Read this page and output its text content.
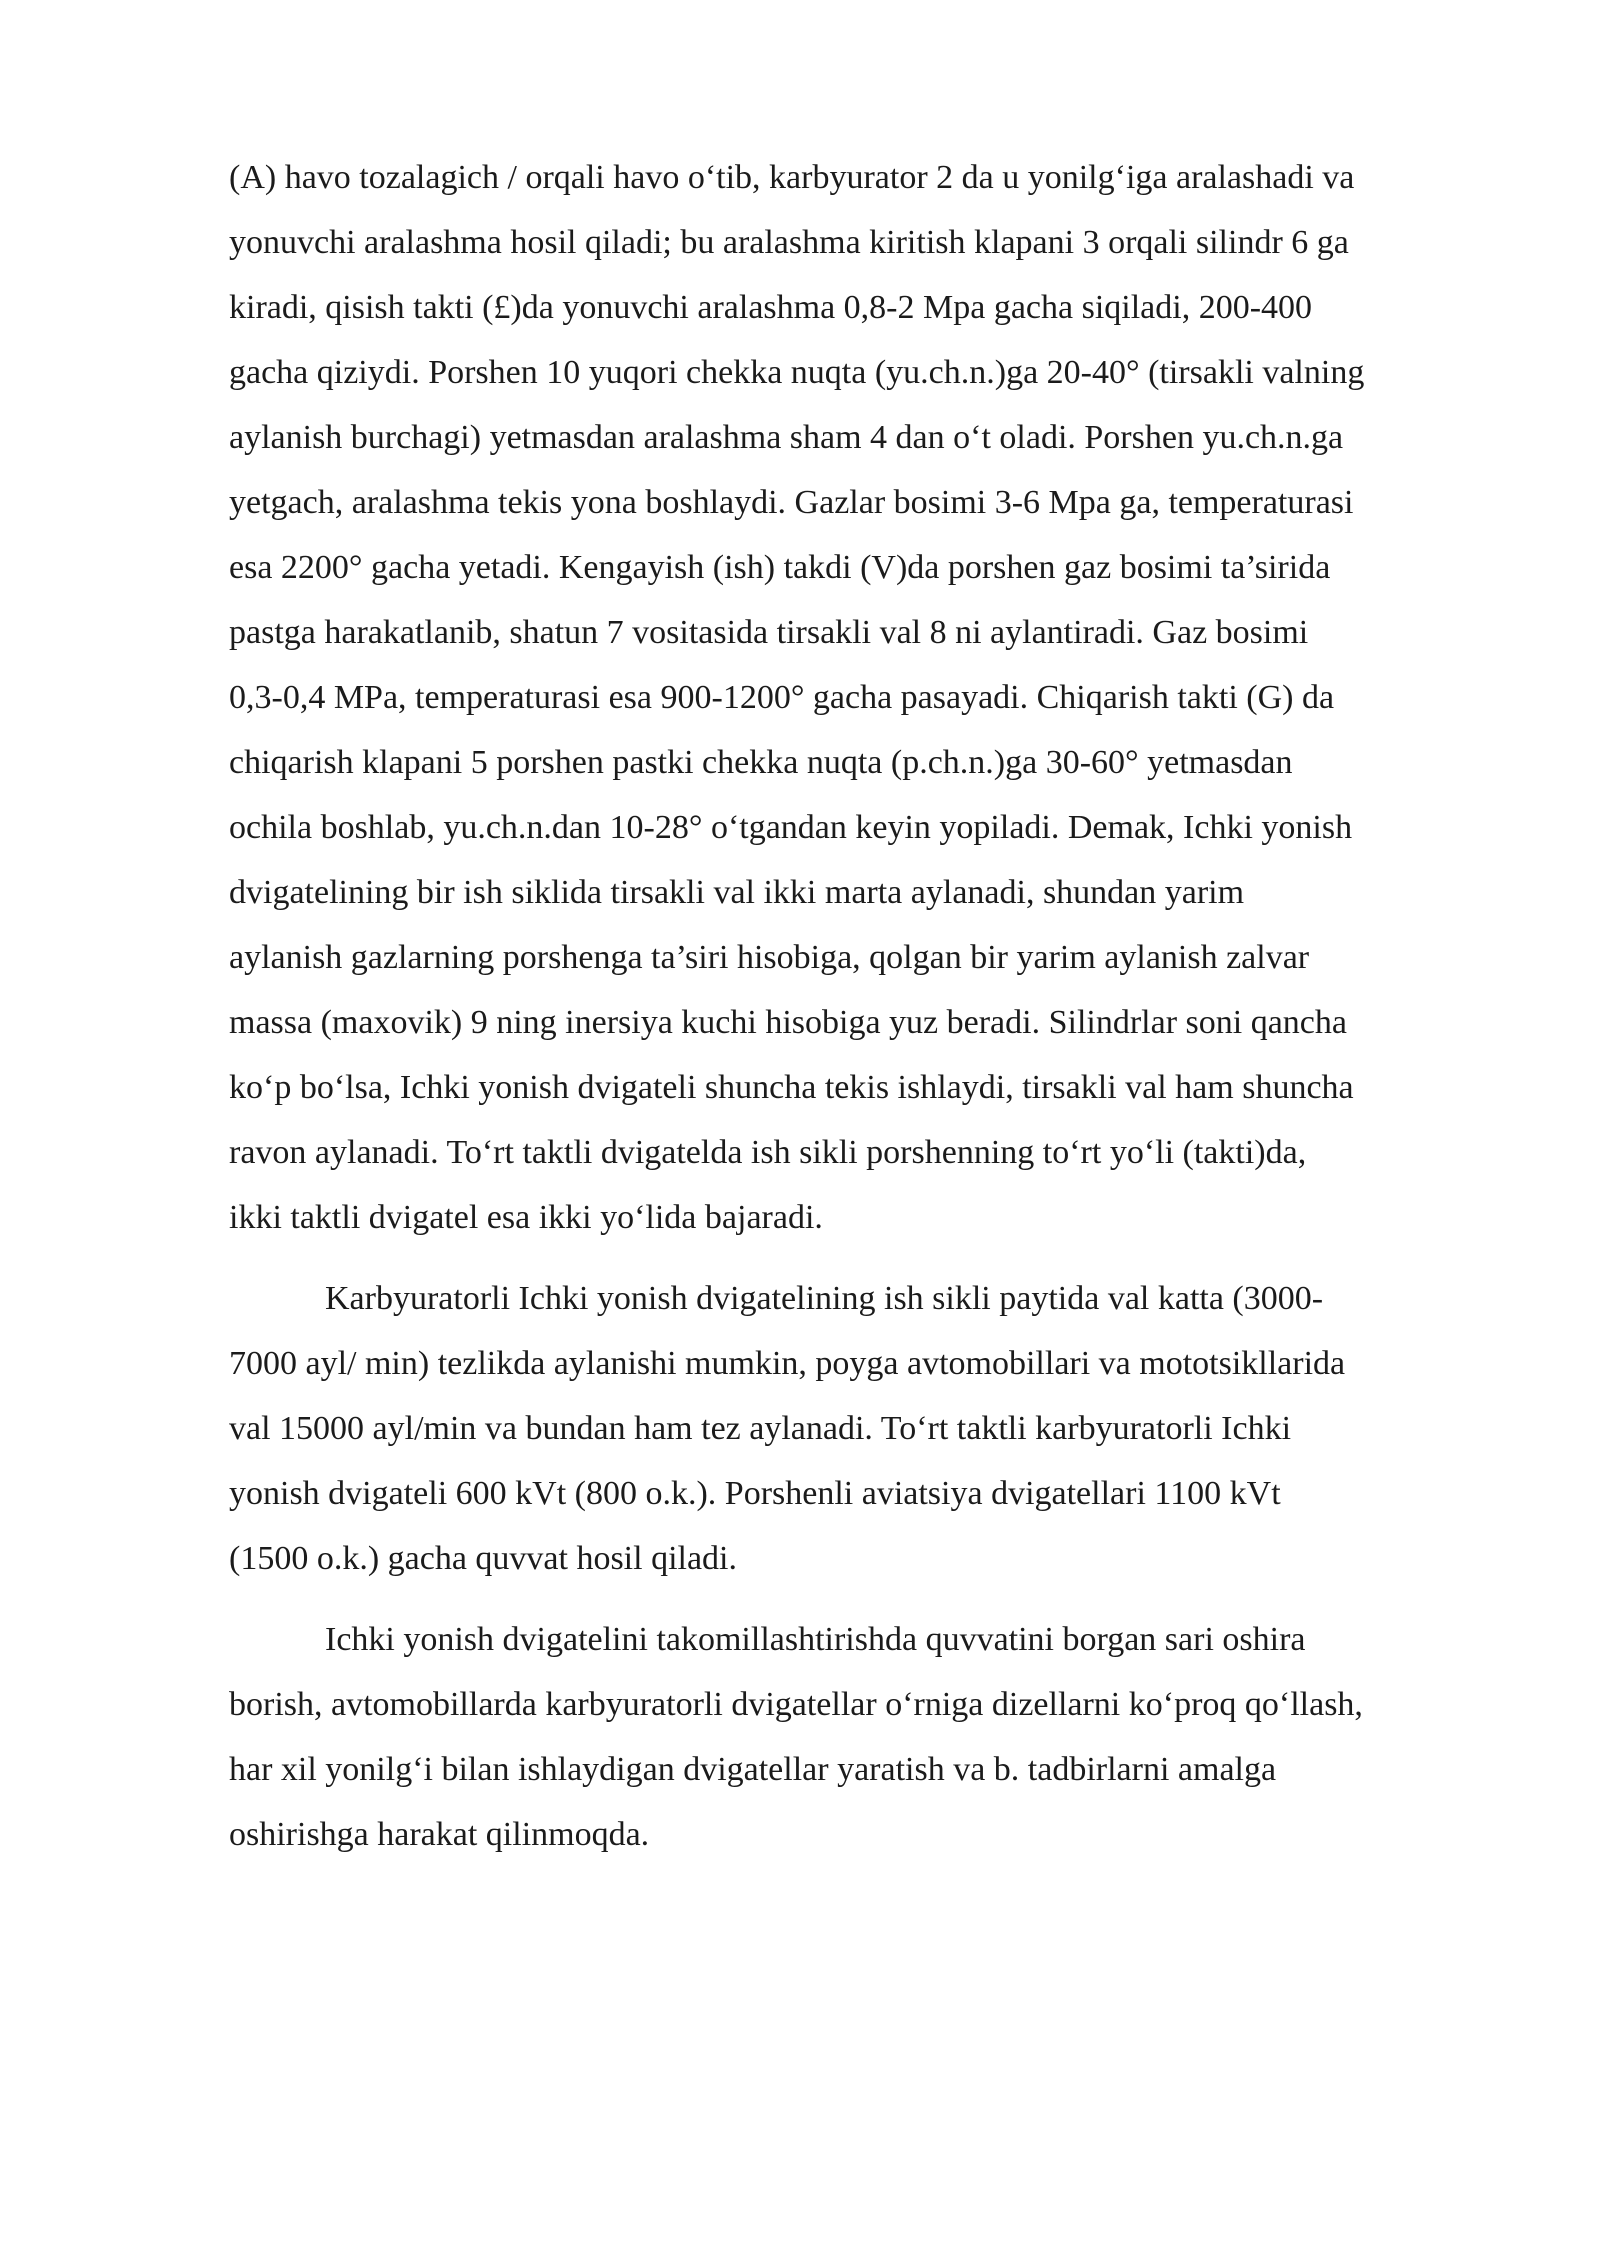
(A) havo tozalagich / orqali havo o‘tib, karbyurator 2 da u yonilg‘iga aralashadi va
yonuvchi aralashma hosil qiladi; bu aralashma kiritish klapani 3 orqali silindr 6 ga
kiradi, qisish takti (£)da yonuvchi aralashma 0,8-2 Mpa gacha siqiladi, 200-400
gacha qiziydi. Porshen 10 yuqori chekka nuqta (yu.ch.n.)ga 20-40° (tirsakli valning
aylanish burchagi) yetmasdan aralashma sham 4 dan o‘t oladi. Porshen yu.ch.n.ga
yetgach, aralashma tekis yona boshlaydi. Gazlar bosimi 3-6 Mpa ga, temperaturasi
esa 2200° gacha yetadi. Kengayish (ish) takdi (V)da porshen gaz bosimi ta’sirida
pastga harakatlanib, shatun 7 vositasida tirsakli val 8 ni aylantiradi. Gaz bosimi
0,3-0,4 MPa, temperaturasi esa 900-1200° gacha pasayadi. Chiqarish takti (G) da
chiqarish klapani 5 porshen pastki chekka nuqta (p.ch.n.)ga 30-60° yetmasdan
ochila boshlab, yu.ch.n.dan 10-28° o‘tgandan keyin yopiladi. Demak, Ichki yonish
dvigatelining bir ish siklida tirsakli val ikki marta aylanadi, shundan yarim
aylanish gazlarning porshenga ta’siri hisobiga, qolgan bir yarim aylanish zalvar
massa (maxovik) 9 ning inersiya kuchi hisobiga yuz beradi. Silindrlar soni qancha
ko‘p bo‘lsa, Ichki yonish dvigateli shuncha tekis ishlaydi, tirsakli val ham shuncha
ravon aylanadi. To‘rt taktli dvigatelda ish sikli porshenning to‘rt yo‘li (takti)da,
ikki taktli dvigatel esa ikki yo‘lida bajaradi.

Karbyuratorli Ichki yonish dvigatelining ish sikli paytida val katta (3000-
7000 ayl/ min) tezlikda aylanishi mumkin, poyga avtomobillari va mototsikllarida
val 15000 ayl/min va bundan ham tez aylanadi. To‘rt taktli karbyuratorli Ichki
yonish dvigateli 600 kVt (800 o.k.). Porshenli aviatsiya dvigatellari 1100 kVt
(1500 o.k.) gacha quvvat hosil qiladi.

Ichki yonish dvigatelini takomillashtirishda quvvatini borgan sari oshira
borish, avtomobillarda karbyuratorli dvigatellar o‘rniga dizellarni ko‘proq qo‘llash,
har xil yonilg‘i bilan ishlaydigan dvigatellar yaratish va b. tadbirlarni amalga
oshirishga harakat qilinmoqda.
